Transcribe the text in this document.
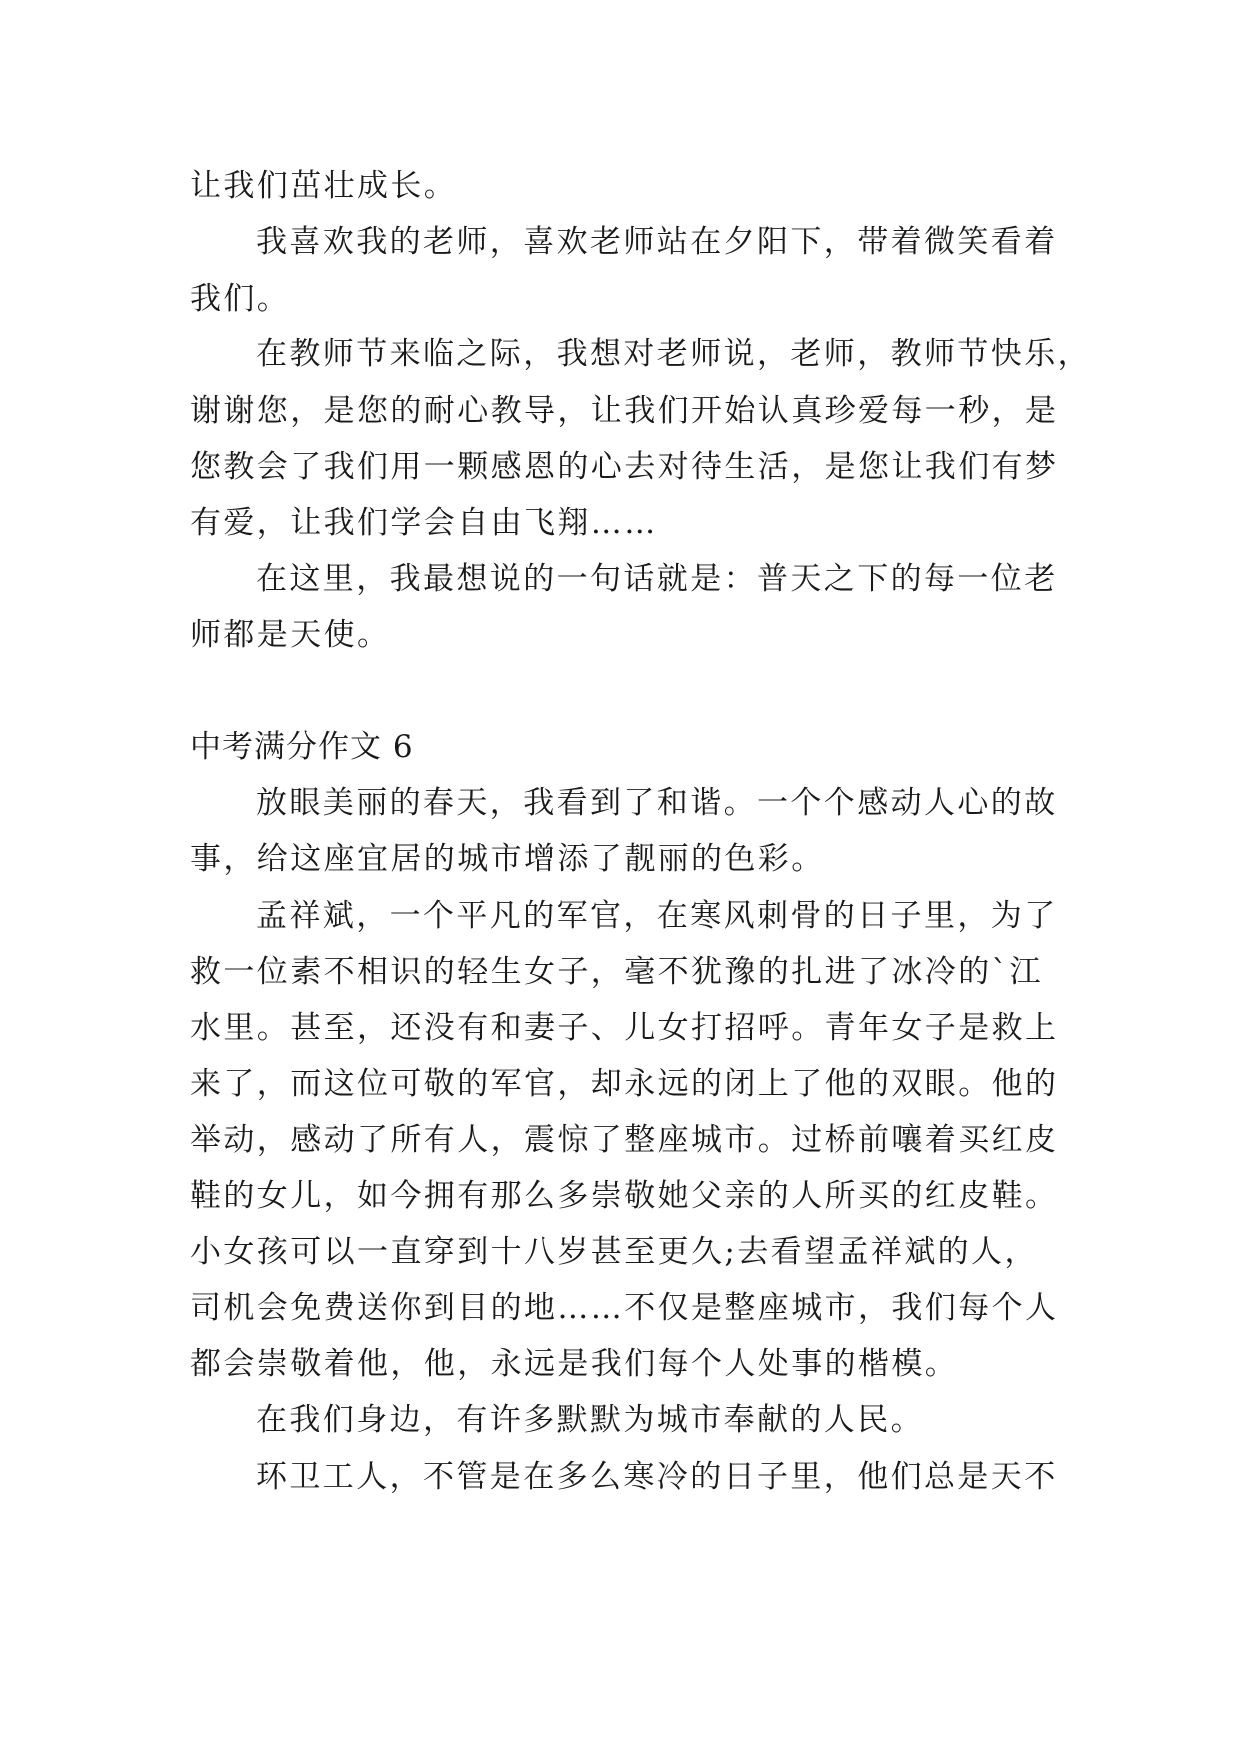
让我们茁壮成长。
我喜欢我的老师，喜欢老师站在夕阳下，带着微笑看着
我们。
在教师节来临之际，我想对老师说，老师，教师节快乐，
谢谢您，是您的耐心教导，让我们开始认真珍爱每一秒，是
您教会了我们用一颗感恩的心去对待生活，是您让我们有梦
有爱，让我们学会自由飞翔……
在这里，我最想说的一句话就是：普天之下的每一位老
师都是天使。
中考满分作文 6
放眼美丽的春天，我看到了和谐。一个个感动人心的故
事，给这座宜居的城市增添了靓丽的色彩。
孟祥斌，一个平凡的军官，在寒风刺骨的日子里，为了
救一位素不相识的轻生女子，毫不犹豫的扎进了冰冷的`江
水里。甚至，还没有和妻子、儿女打招呼。青年女子是救上
来了，而这位可敬的军官，却永远的闭上了他的双眼。他的
举动，感动了所有人，震惊了整座城市。过桥前嚷着买红皮
鞋的女儿，如今拥有那么多崇敬她父亲的人所买的红皮鞋。
小女孩可以一直穿到十八岁甚至更久;去看望孟祥斌的人，
司机会免费送你到目的地……不仅是整座城市，我们每个人
都会崇敬着他，他，永远是我们每个人处事的楷模。
在我们身边，有许多默默为城市奉献的人民。
环卫工人，不管是在多么寒冷的日子里，他们总是天不
